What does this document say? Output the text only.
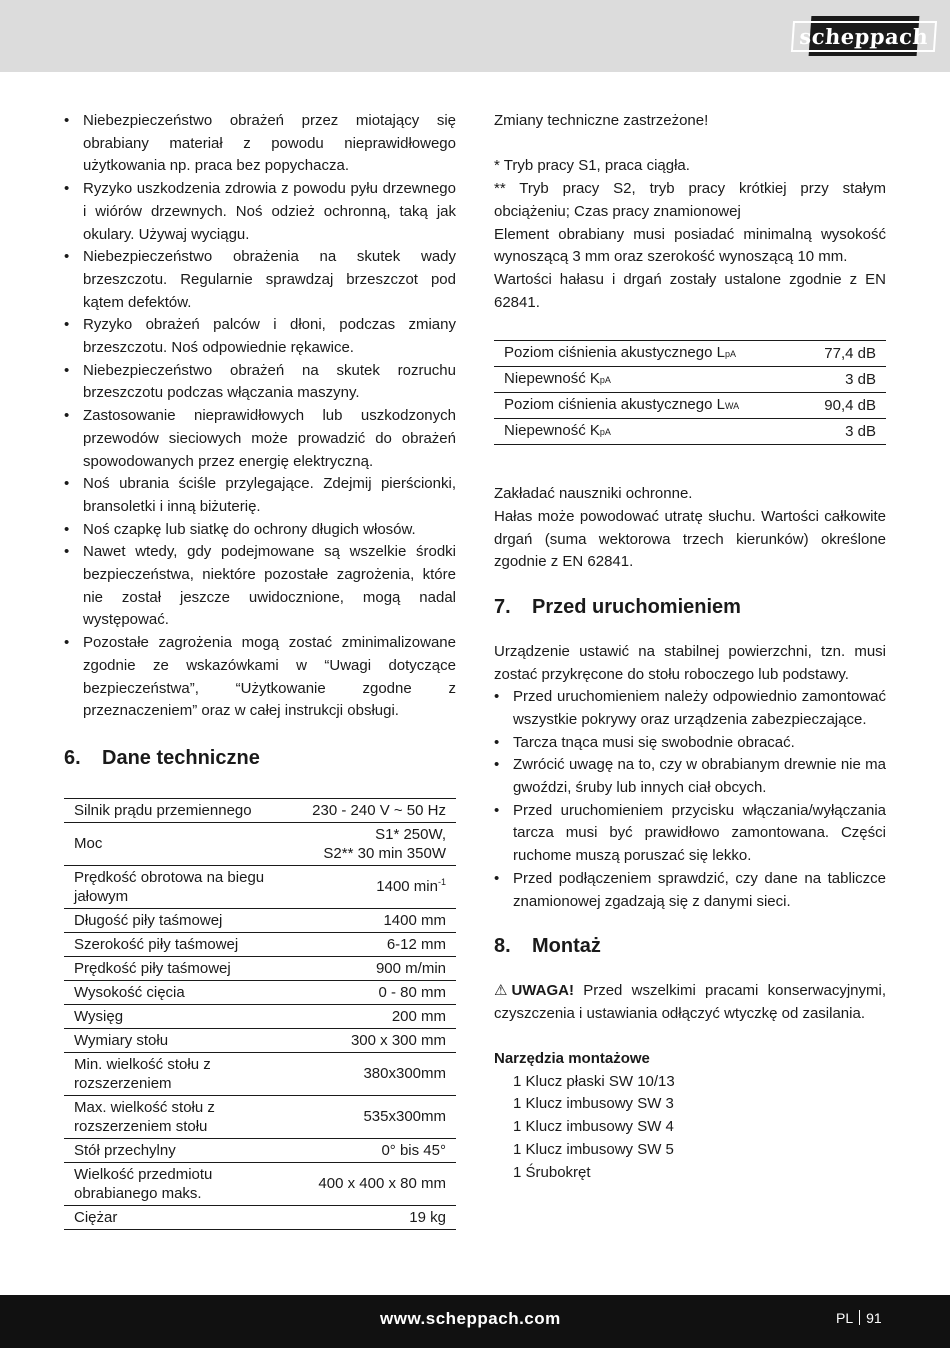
scheppach
• Niebezpieczeństwo obrażeń przez miotający się obrabiany materiał z powodu nieprawidłowego użytkowania np. praca bez popychacza.
• Ryzyko uszkodzenia zdrowia z powodu pyłu drzewnego i wiórów drzewnych. Noś odzież ochronną, taką jak okulary. Używaj wyciągu.
• Niebezpieczeństwo obrażenia na skutek wady brzeszczotu. Regularnie sprawdzaj brzeszczot pod kątem defektów.
• Ryzyko obrażeń palców i dłoni, podczas zmiany brzeszczotu. Noś odpowiednie rękawice.
• Niebezpieczeństwo obrażeń na skutek rozruchu brzeszczotu podczas włączania maszyny.
• Zastosowanie nieprawidłowych lub uszkodzonych przewodów sieciowych może prowadzić do obrażeń spowodowanych przez energię elektryczną.
• Noś ubrania ściśle przylegające. Zdejmij pierścionki, bransoletki i inną biżuterię.
• Noś czapkę lub siatkę do ochrony długich włosów.
• Nawet wtedy, gdy podejmowane są wszelkie środki bezpieczeństwa, niektóre pozostałe zagrożenia, które nie został jeszcze uwidocznione, mogą nadal występować.
• Pozostałe zagrożenia mogą zostać zminimalizowane zgodnie ze wskazówkami w “Uwagi dotyczące bezpieczeństwa”, “Użytkowanie zgodne z przeznaczeniem” oraz w całej instrukcji obsługi.
6.	Dane techniczne
Silnik prądu przemiennego	230 - 240 V ~ 50 Hz
Moc	S1* 250W,
S2** 30 min 350W

Prędkość obrotowa na biegu jałowym	1400 $\min^{-1}$
Długość piły taśmowej	1400 mm
Szerokość piły taśmowej	6-12 mm
Prędkość piły taśmowej	900 m/min
Wysokość cięcia	0 - 80 mm
Wysięg	200 mm
Wymiary stołu	300 x 300 mm
Min. wielkość stołu z rozszerzeniem	380x300mm
Max. wielkość stołu z rozszerzeniem stołu	535x300mm
Stół przechylny	0° bis 45°
Wielkość przedmiotu obrabianego maks.	400 x 400 x 80 mm
Ciężar	19 kg

Zmiany techniczne zastrzeżone!

* Tryb pracy S1, praca ciągła.

** Tryb pracy S2, tryb pracy krótkiej przy stałym obciążeniu; Czas pracy znamionowej

Element obrabiany musi posiadać minimalną wysokość wynoszącą 3 mm oraz szerokość wynoszącą 10 mm.

Wartości hałasu i drgań zostały ustalone zgodnie z EN 62841.

Poziom ciśnienia akustycznego LpA	77,4 dB
Niepewność KpA	3 dB
Poziom ciśnienia akustycznego LWA	90,4 dB
Niepewność KpA	3 dB

Zakładać nauszniki ochronne.

Hałas może powodować utratę słuchu. Wartości całkowite drgań (suma wektorowa trzech kierunków) określone zgodnie z EN 62841.

7.	Przed uruchomieniem

Urządzenie ustawić na stabilnej powierzchni, tzn. musi zostać przykręcone do stołu roboczego lub podstawy.

• Przed uruchomieniem należy odpowiednio zamontować wszystkie pokrywy oraz urządzenia zabezpieczające.
• Tarcza tnąca musi się swobodnie obracać.
• Zwrócić uwagę na to, czy w obrabianym drewnie nie ma gwoździ, śruby lub innych ciał obcych.
• Przed uruchomieniem przycisku włączania/wyłączania tarcza musi być prawidłowo zamontowana. Części ruchome muszą poruszać się lekko.
• Przed podłączeniem sprawdzić, czy dane na tabliczce znamionowej zgadzają się z danymi sieci.
8.	Montaż

⚠ UWAGA! Przed wszelkimi pracami konserwacyjnymi, czyszczenia i ustawiania odłączyć wtyczkę od zasilania.

Narzędzia montażowe

1 Klucz płaski SW 10/13
1 Klucz imbusowy SW 3
1 Klucz imbusowy SW 4
1 Klucz imbusowy SW 5
1 Śrubokręt
www.scheppach.com	PL 91
